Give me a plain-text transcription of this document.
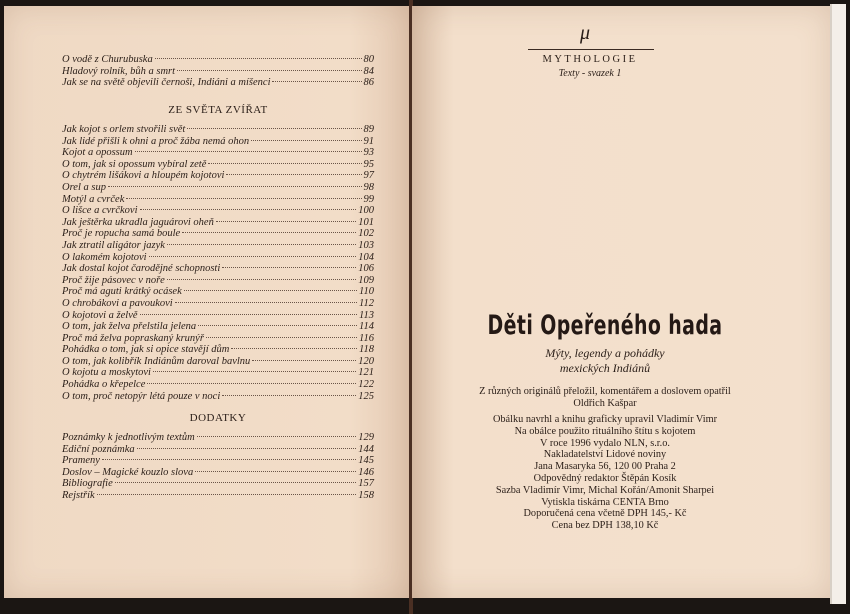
O vodě z Churubuska	80
Hladový rolník, bůh a smrt	84
Jak se na světě objevili černoši, Indiáni a míšenci	86
ZE SVĚTA ZVÍŘAT
Jak kojot s orlem stvořili svět	89
Jak lidé přišli k ohni a proč žába nemá ohon	91
Kojot a opossum	93
O tom, jak si opossum vybíral zetě	95
O chytrém lišákovi a hloupém kojotovi	97
Orel a sup	98
Motýl a cvrček	99
O lišce a cvrčkovi	100
Jak ještěrka ukradla jaguárovi oheň	101
Proč je ropucha samá boule	102
Jak ztratil aligátor jazyk	103
O lakomém kojotovi	104
Jak dostal kojot čarodějné schopnosti	106
Proč žije pásovec v noře	109
Proč má aguti krátký ocásek	110
O chrobákovi a pavoukovi	112
O kojotovi a želvě	113
O tom, jak želva přelstila jelena	114
Proč má želva popraskaný krunýř	116
Pohádka o tom, jak si opice stavějí dům	118
O tom, jak kolibřík Indiánům daroval bavlnu	120
O kojotu a moskytovi	121
Pohádka o křepelce	122
O tom, proč netopýr létá pouze v noci	125
DODATKY
Poznámky k jednotlivým textům	129
Ediční poznámka	144
Prameny	145
Doslov – Magické kouzlo slova	146
Bibliografie	157
Rejstřík	158
μ
MYTHOLOGIE
Texty - svazek 1
Děti Opeřeného hada
Mýty, legendy a pohádky
mexických Indiánů
Z různých originálů přeložil, komentářem a doslovem opatřil
Oldřich Kašpar
Obálku navrhl a knihu graficky upravil Vladimír Vimr
Na obálce použito rituálního štítu s kojotem
V roce 1996 vydalo NLN, s.r.o.
Nakladatelství Lidové noviny
Jana Masaryka 56, 120 00 Praha 2
Odpovědný redaktor Štěpán Kosík
Sazba Vladimír Vimr, Michal Kořán/Amonit Sharpei
Vytiskla tiskárna CENTA Brno
Doporučená cena včetně DPH 145,- Kč
Cena bez DPH 138,10 Kč
